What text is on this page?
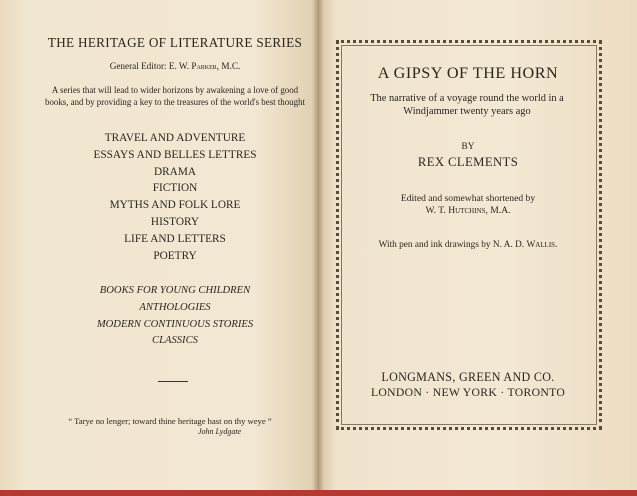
THE HERITAGE OF LITERATURE SERIES
General Editor: E. W. Parker, M.C.
A series that will lead to wider horizons by awakening a love of good books, and by providing a key to the treasures of the world's best thought
TRAVEL AND ADVENTURE
ESSAYS AND BELLES LETTRES
DRAMA
FICTION
MYTHS AND FOLK LORE
HISTORY
LIFE AND LETTERS
POETRY
BOOKS FOR YOUNG CHILDREN
ANTHOLOGIES
MODERN CONTINUOUS STORIES
CLASSICS
“ Tarye no lenger; toward thine heritage hast on thy weye ”
John Lydgate
A GIPSY OF THE HORN
The narrative of a voyage round the world in a Windjammer twenty years ago
BY
REX CLEMENTS
Edited and somewhat shortened by
W. T. Hutchins, M.A.
With pen and ink drawings by N. A. D. Wallis.
LONGMANS, GREEN AND CO.
LONDON · NEW YORK · TORONTO
